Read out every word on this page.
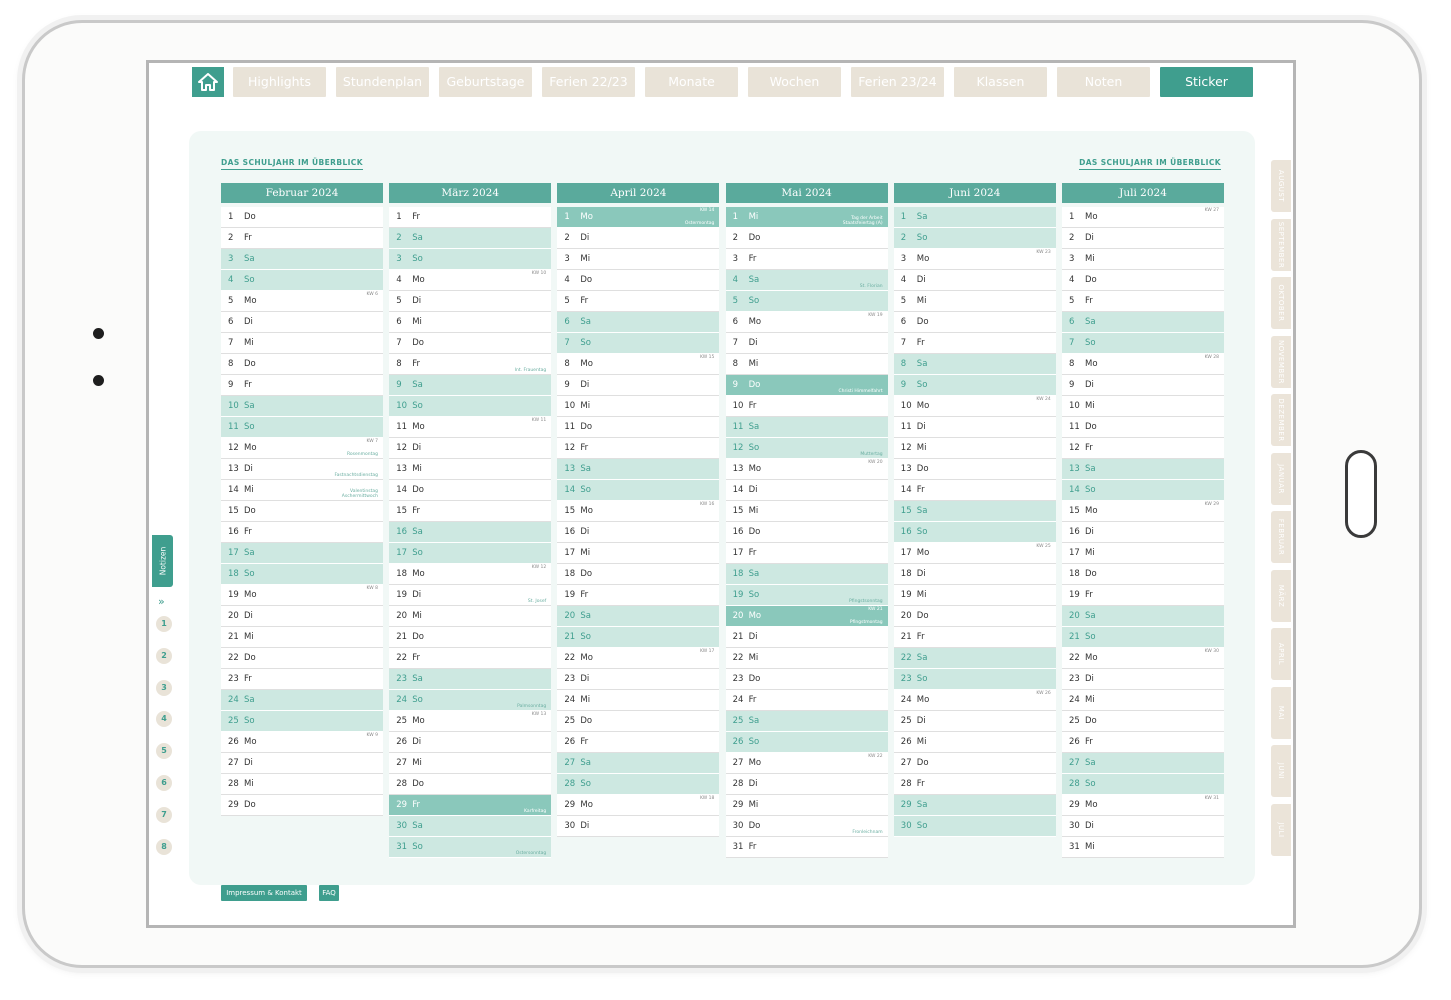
Highlights	Stundenplan	Geburtstage	Ferien 22/23	Monate	Wochen	Ferien 23/24	Klassen	Noten	Sticker
DAS SCHULJAHR IM ÜBERBLICK	DAS SCHULJAHR IM ÜBERBLICK
Februar 2024
1	Do
2	Fr
3	Sa
4	So
5	Mo
KW 6
6	Di
7	Mi
8	Do
9	Fr
10 Sa
11 So
12 Mo
KW 7
Rosenmontag
13 Di
Fastnachtsdienstag
14 Mi	Valentinstag
Aschermittwoch
15 Do
16 Fr
17 Sa
18 So
19 Mo
KW 8
20 Di
21 Mi
22 Do
23 Fr
24 Sa
25 So
26 Mo
KW 9
27 Di
28 Mi
29 Do
März 2024
1	Fr
2	Sa
3	So
4	Mo
KW 10
5	Di
6	Mi
7	Do
8	Fr
Int. Frauentag
9	Sa
10 So
11 Mo
KW 11
12 Di
13 Mi
14 Do
15 Fr
16 Sa
17 So
18 Mo
KW 12
19 Di
St. Josef
20 Mi
21 Do
22 Fr
23 Sa
24 So
Palmsonntag
25 Mo
KW 13
26 Di
27 Mi
28 Do
29 Fr
Karfreitag
30 Sa
31 So
Ostersonntag
April 2024
1	Mo
KW 14
Ostermontag
2	Di
3	Mi
4	Do
5	Fr
6	Sa
7	So
8	Mo
KW 15
9	Di
10 Mi
11 Do
12 Fr
13 Sa
14 So
15 Mo
KW 16
16 Di
17 Mi
18 Do
19 Fr
20 Sa
21 So
22 Mo
KW 17
23 Di
24 Mi
25 Do
26 Fr
27 Sa
28 So
29 Mo
KW 18
30 Di
Mai 2024
1	Mi	Tag der Arbeit
Staatsfeiertag (A)
2	Do
3	Fr
4	Sa
St. Florian
5	So
6	Mo
KW 19
7	Di
8	Mi
9	Do
Christi Himmelfahrt
10 Fr
11 Sa
12 So
Muttertag
13 Mo
KW 20
14 Di
15 Mi
16 Do
17 Fr
18 Sa
19 So
Pfingstsonntag
20 Mo
KW 21
Pfingstmontag
21 Di
22 Mi
23 Do
24 Fr
25 Sa
26 So
27 Mo
KW 22
28 Di
29 Mi
30 Do
Fronleichnam
31 Fr
Juni 2024
1	Sa
2	So
3	Mo
KW 23
4	Di
5	Mi
6	Do
7	Fr
8	Sa
9	So
10 Mo
KW 24
11 Di
12 Mi
13 Do
14 Fr
15 Sa
16 So
17 Mo
KW 25
18 Di
19 Mi
20 Do
21 Fr
22 Sa
23 So
24 Mo
KW 26
25 Di
26 Mi
27 Do
28 Fr
29 Sa
30 So
Juli 2024
1	Mo
KW 27
2	Di
3	Mi
4	Do
5	Fr
6	Sa
7	So
8	Mo
KW 28
9	Di
10 Mi
11 Do
12 Fr
13 Sa
14 So
15 Mo
KW 29
16 Di
17 Mi
18 Do
19 Fr
20 Sa
21 So
22 Mo
KW 30
23 Di
24 Mi
25 Do
26 Fr
27 Sa
28 So
29 Mo
KW 31
30 Di
31 Mi
Notizen
»
1
2
3
4
5
6
7
8
AUGUST
SEPTEMBER
OKTOBER
NOVEMBER
DEZEMBER
JANUAR
FEBRUAR
MÄRZ
APRIL
MAI
JUNI
JULI
Impressum & Kontakt	FAQ
